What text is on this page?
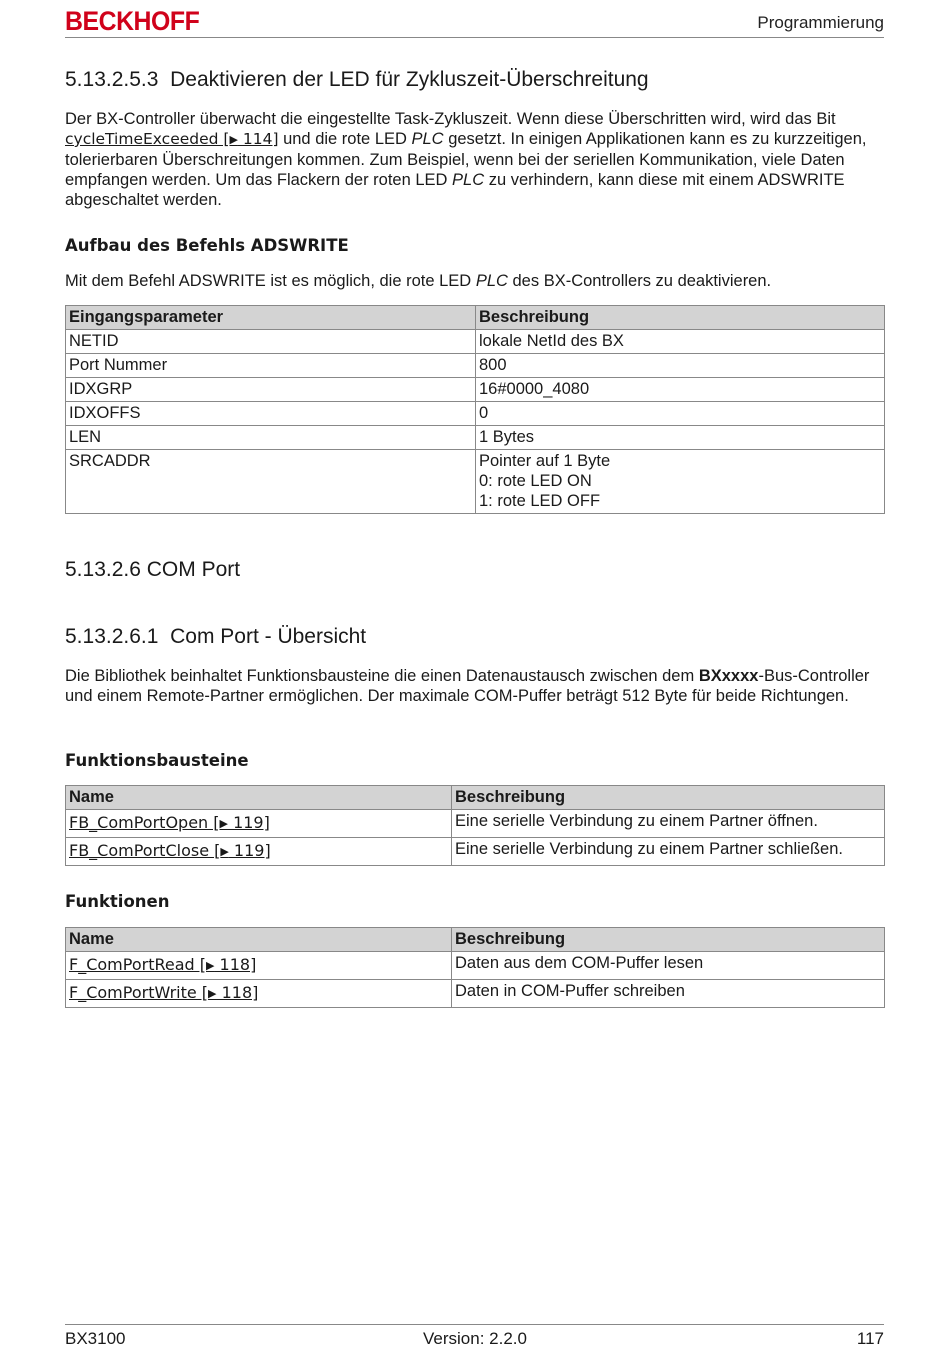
BECKHOFF	Programmierung
5.13.2.5.3 Deaktivieren der LED für Zykluszeit-Überschreitung

Der BX-Controller überwacht die eingestellte Task-Zykluszeit. Wenn diese Überschritten wird, wird das Bit cycleTimeExceeded [▶ 114] und die rote LED PLC gesetzt. In einigen Applikationen kann es zu kurzzeitigen, tolerierbaren Überschreitungen kommen. Zum Beispiel, wenn bei der seriellen Kommunikation, viele Daten empfangen werden. Um das Flackern der roten LED PLC zu verhindern, kann diese mit einem ADSWRITE abgeschaltet werden.

Aufbau des Befehls ADSWRITE

Mit dem Befehl ADSWRITE ist es möglich, die rote LED PLC des BX-Controllers zu deaktivieren.

Eingangsparameter	Beschreibung
NETID	lokale NetId des BX
Port Nummer	800
IDXGRP	16#0000_4080
IDXOFFS	0
LEN	1 Bytes
SRCADDR	Pointer auf 1 Byte
0: rote LED ON
1: rote LED OFF
5.13.2.6 COM Port
5.13.2.6.1 Com Port - Übersicht

Die Bibliothek beinhaltet Funktionsbausteine die einen Datenaustausch zwischen dem BXxxxx-Bus-Controller und einem Remote-Partner ermöglichen. Der maximale COM-Puffer beträgt 512 Byte für beide Richtungen.

Funktionsbausteine
Name	Beschreibung
FB_ComPortOpen [▶ 119]	Eine serielle Verbindung zu einem Partner öffnen.
FB_ComPortClose [▶ 119]	Eine serielle Verbindung zu einem Partner schließen.
Funktionen
Name	Beschreibung
F_ComPortRead [▶ 118]	Daten aus dem COM-Puffer lesen
F_ComPortWrite [▶ 118]	Daten in COM-Puffer schreiben
BX3100	Version: 2.2.0	117
